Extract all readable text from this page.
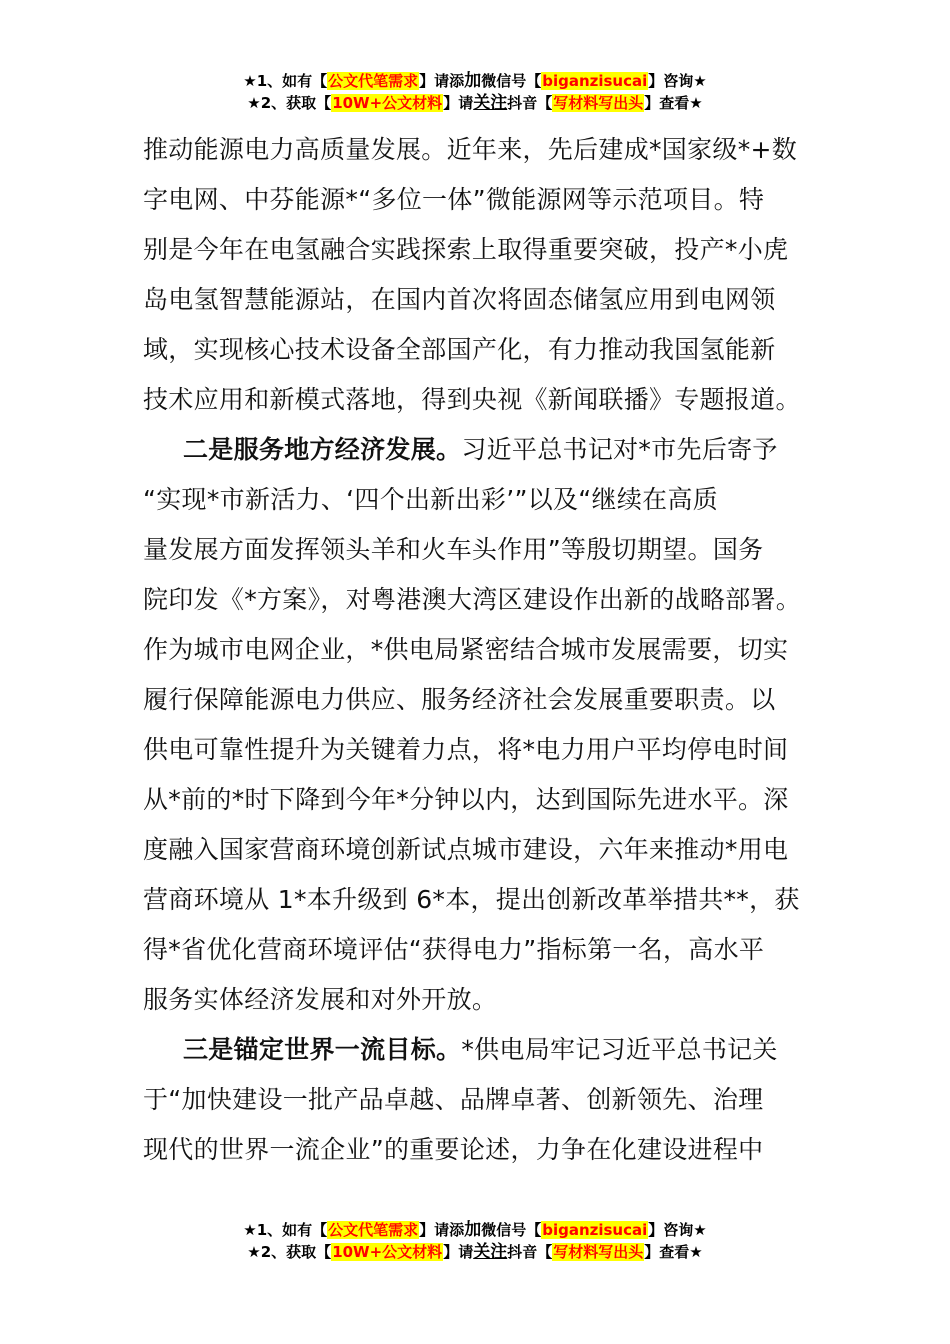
★1、如有【公文代笔需求】请添加微信号【biganzisucai】咨询★
★2、获取【10W+公文材料】请关注抖音【写材料写出头】查看★

推动能源电力高质量发展。近年来，先后建成*国家级*+数
字电网、中芬能源*“多位一体”微能源网等示范项目。特
别是今年在电氢融合实践探索上取得重要突破，投产*小虎
岛电氢智慧能源站，在国内首次将固态储氢应用到电网领
域，实现核心技术设备全部国产化，有力推动我国氢能新
技术应用和新模式落地，得到央视《新闻联播》专题报道。

二是服务地方经济发展。习近平总书记对*市先后寄予
“实现*市新活力、‘四个出新出彩’”以及“继续在高质
量发展方面发挥领头羊和火车头作用”等殷切期望。国务
院印发《*方案》，对粤港澳大湾区建设作出新的战略部署。
作为城市电网企业，*供电局紧密结合城市发展需要，切实
履行保障能源电力供应、服务经济社会发展重要职责。以
供电可靠性提升为关键着力点，将*电力用户平均停电时间
从*前的*时下降到今年*分钟以内，达到国际先进水平。深
度融入国家营商环境创新试点城市建设，六年来推动*用电
营商环境从 1*本升级到 6*本，提出创新改革举措共**，获
得*省优化营商环境评估“获得电力”指标第一名，高水平
服务实体经济发展和对外开放。

三是锚定世界一流目标。*供电局牢记习近平总书记关
于“加快建设一批产品卓越、品牌卓著、创新领先、治理
现代的世界一流企业”的重要论述，力争在化建设进程中

★1、如有【公文代笔需求】请添加微信号【biganzisucai】咨询★
★2、获取【10W+公文材料】请关注抖音【写材料写出头】查看★
